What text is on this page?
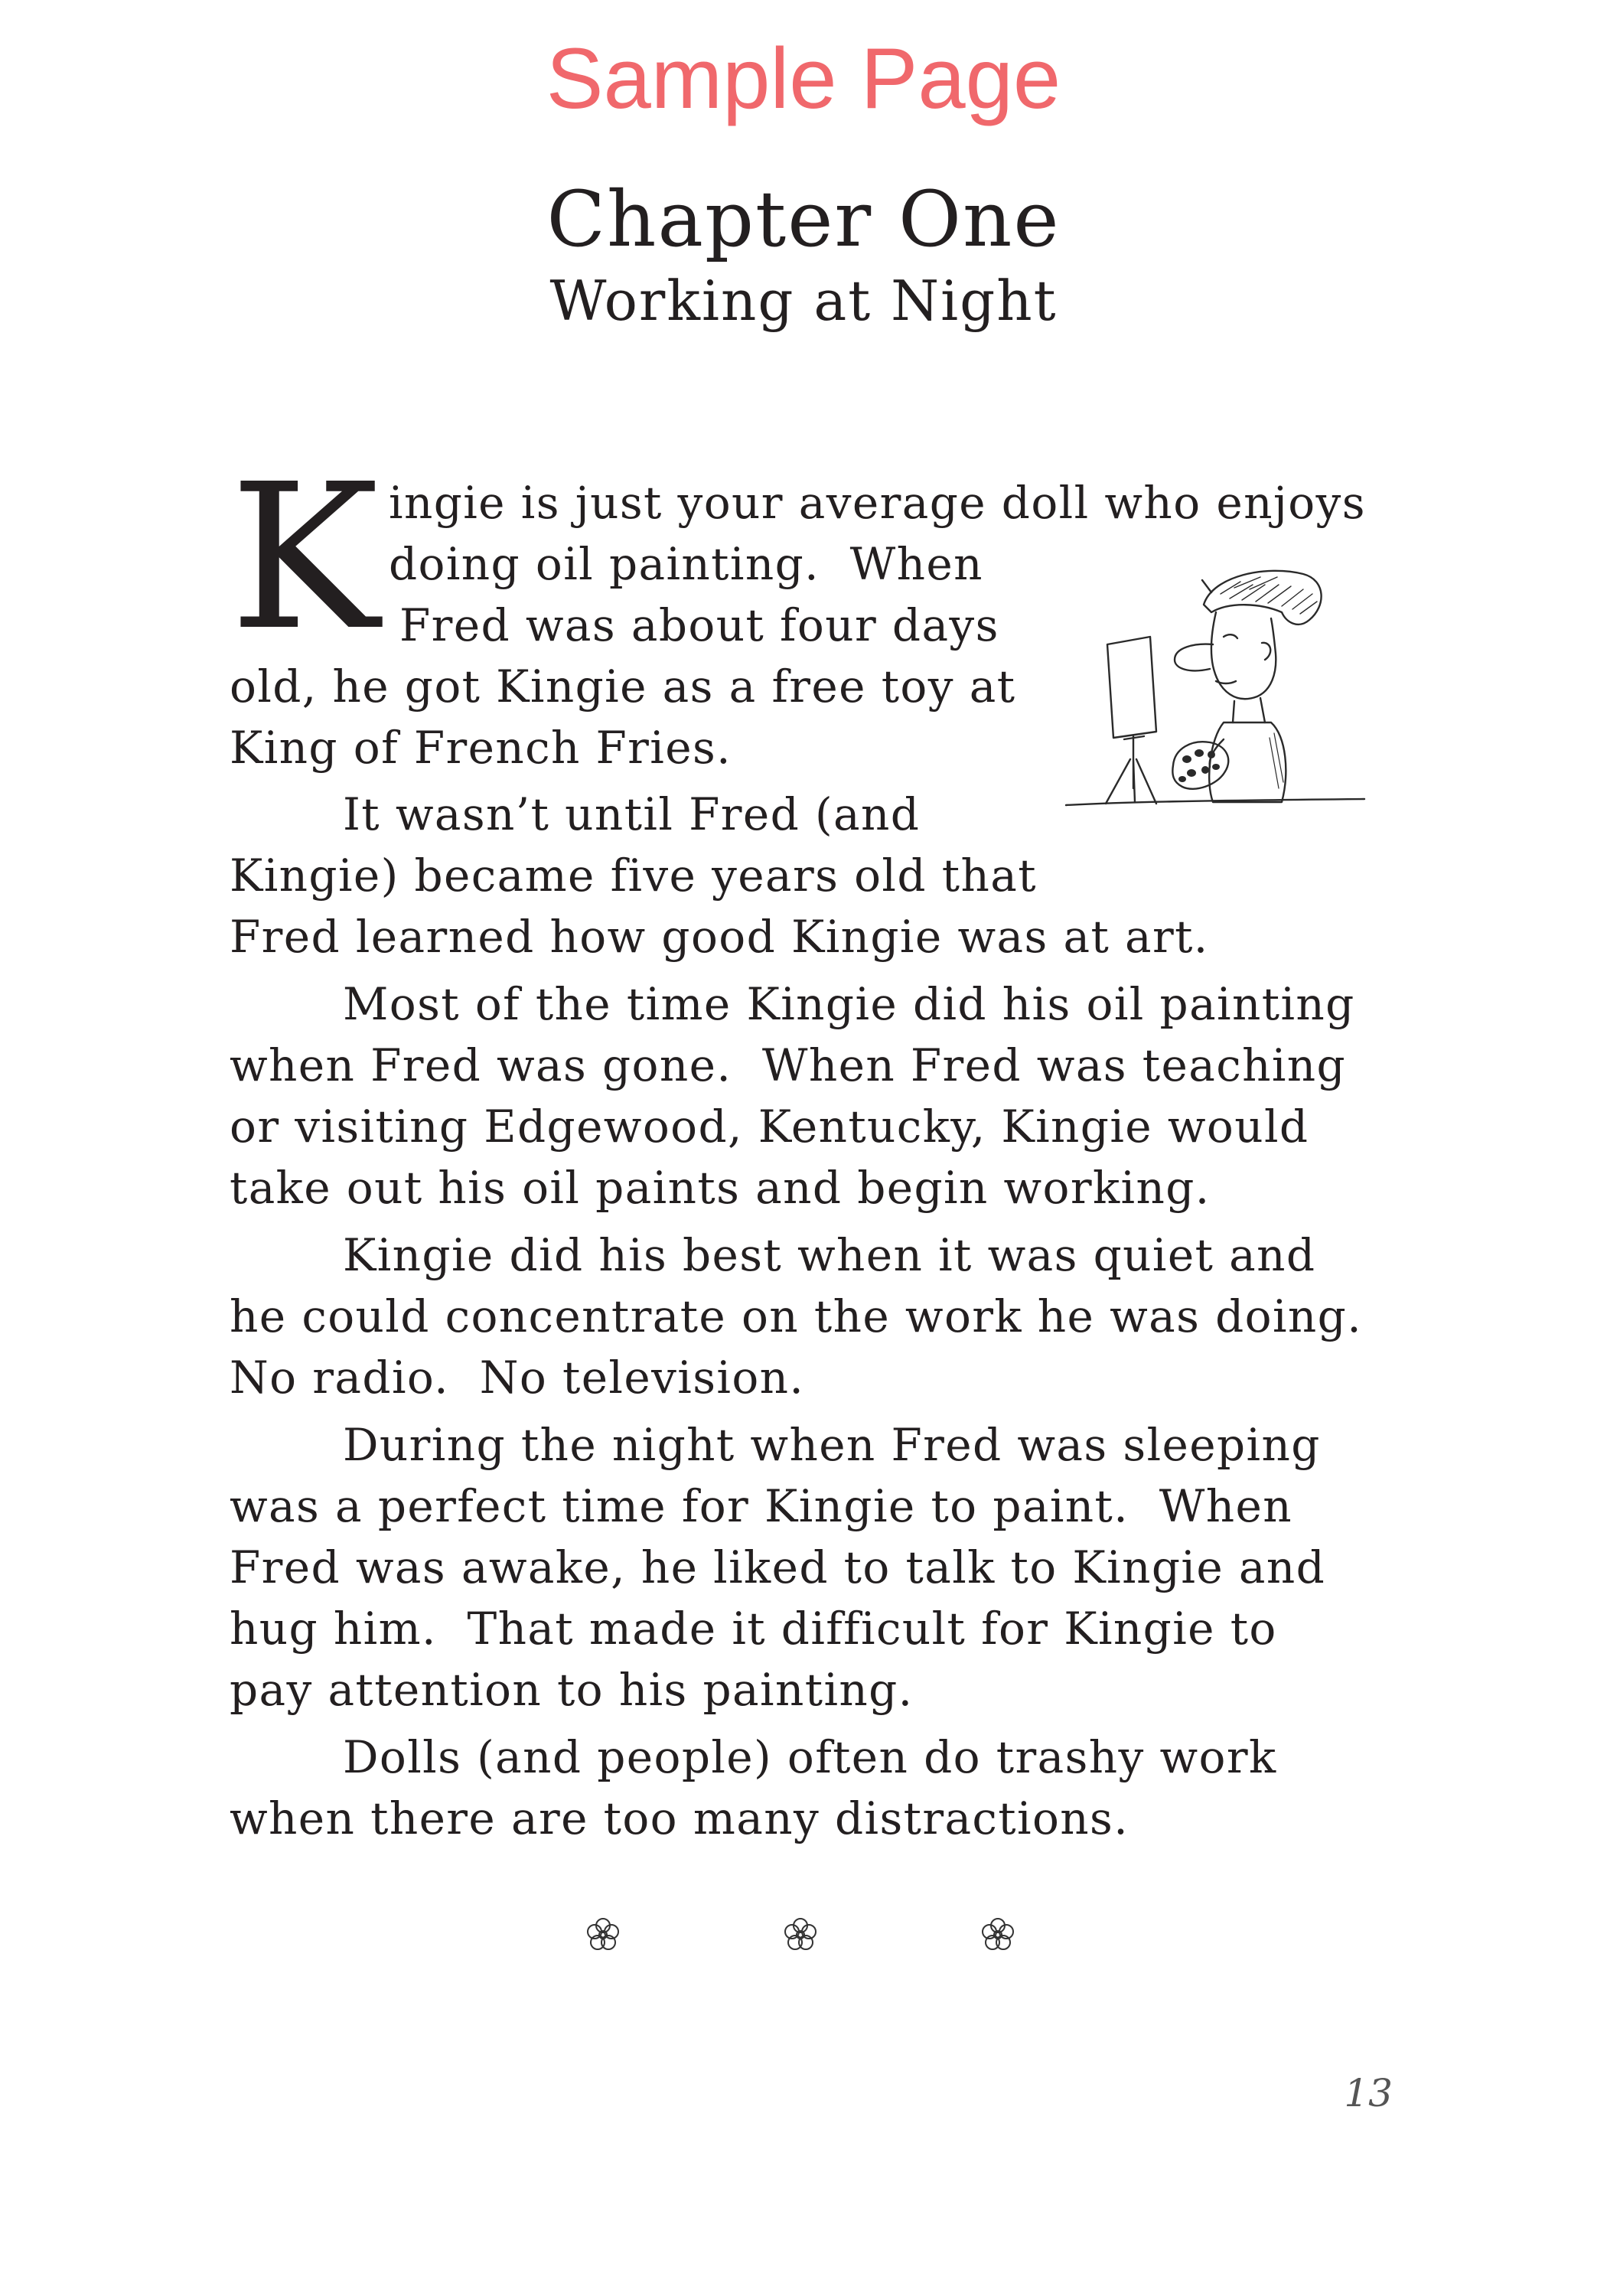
Sample Page
Chapter One
Working at Night
K ingie is just your average doll who enjoys
doing oil painting.  When
Fred was about four days
old, he got Kingie as a free toy at
King of French Fries.
It wasn’t until Fred (and
Kingie) became five years old that
Fred learned how good Kingie was at art.
Most of the time Kingie did his oil painting
when Fred was gone.  When Fred was teaching
or visiting Edgewood, Kentucky, Kingie would
take out his oil paints and begin working.
Kingie did his best when it was quiet and
he could concentrate on the work he was doing.
No radio.  No television.
During the night when Fred was sleeping
was a perfect time for Kingie to paint.  When
Fred was awake, he liked to talk to Kingie and
hug him.  That made it difficult for Kingie to
pay attention to his painting.
Dolls (and people) often do trashy work
when there are too many distractions.
13
